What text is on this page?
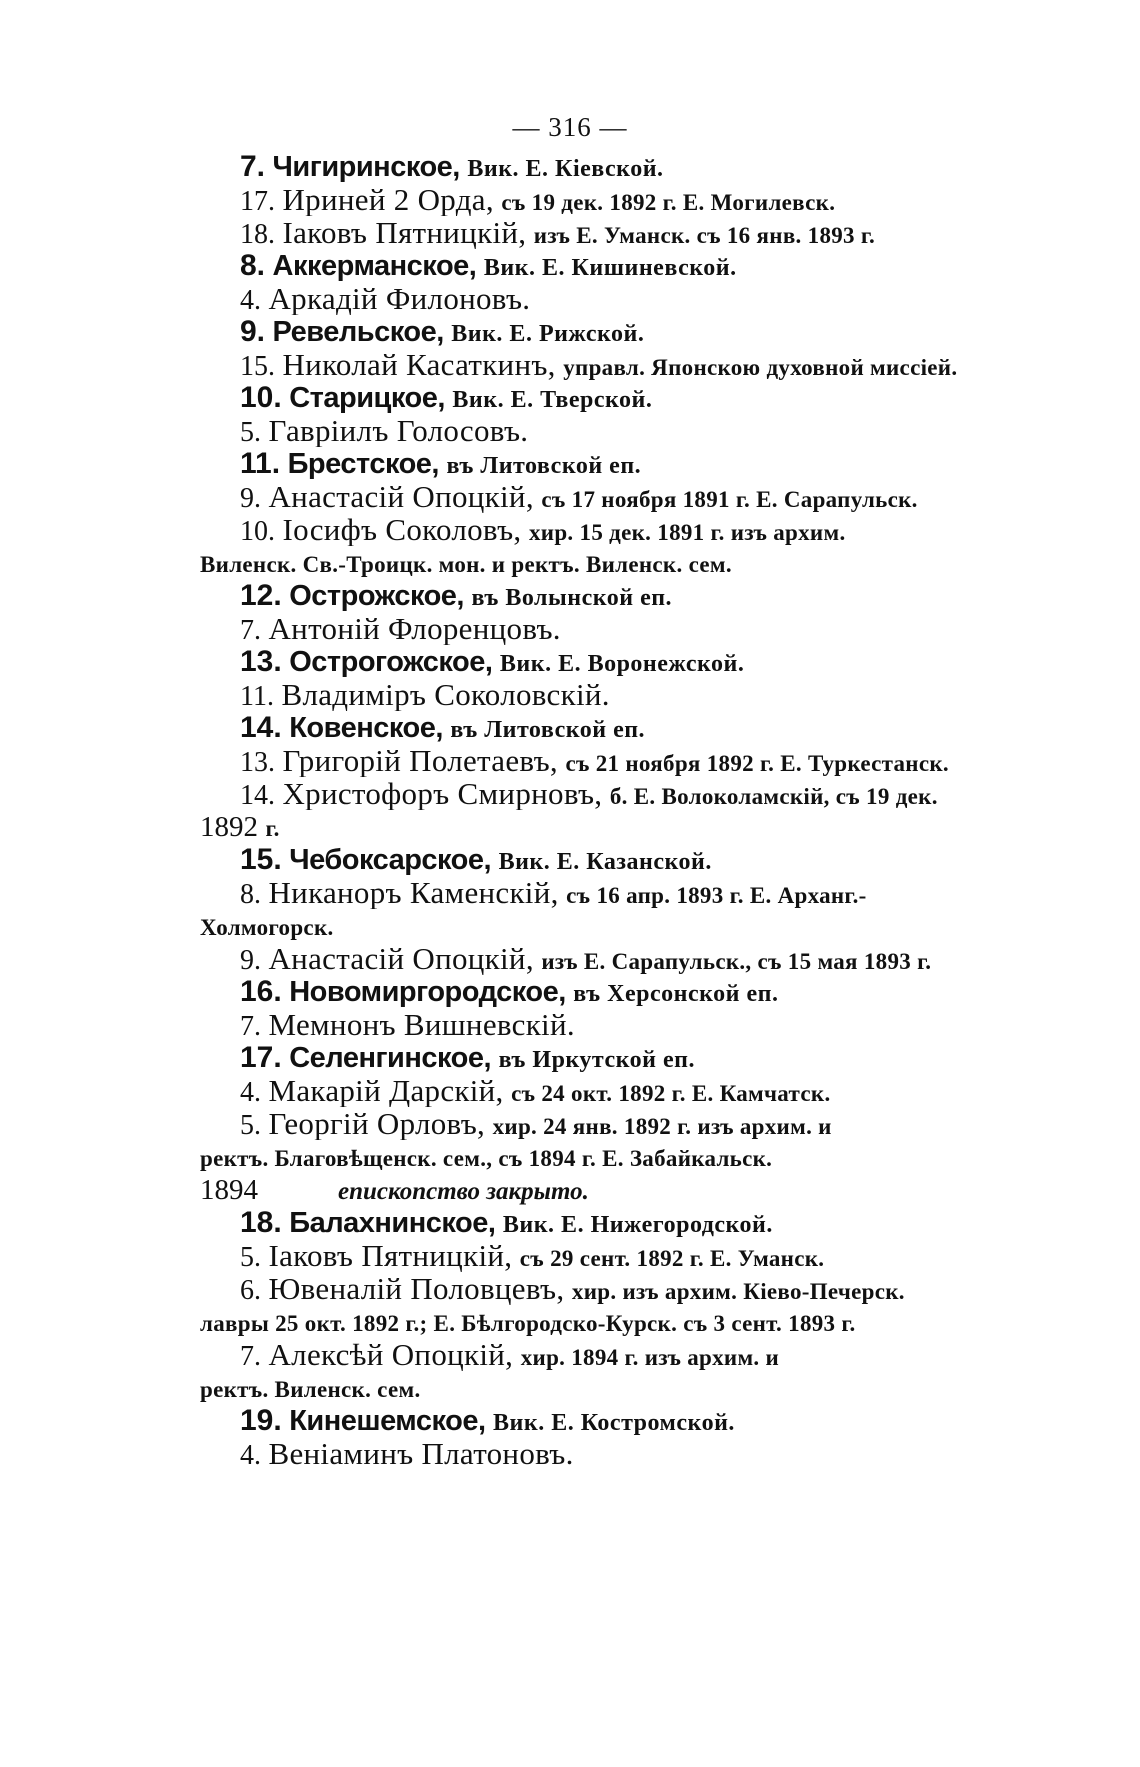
— 316 —
7. Чигиринское, Вик. Е. Кіевской.
17. Ириней 2 Орда, съ 19 дек. 1892 г. Е. Могилевск.
18. Іаковъ Пятницкій, изъ Е. Уманск. съ 16 янв. 1893 г.
8. Аккерманское, Вик. Е. Кишиневской.
4. Аркадій Филоновъ.
9. Ревельское, Вик. Е. Рижской.
15. Николай Касаткинъ, управл. Японскою духовной миссіей.
10. Старицкое, Вик. Е. Тверской.
5. Гавріилъ Голосовъ.
11. Брестское, въ Литовской еп.
9. Анастасій Опоцкій, съ 17 ноября 1891 г. Е. Сарапульск.
10. Іосифъ Соколовъ, хир. 15 дек. 1891 г. изъ архим.
Виленск. Св.-Троицк. мон. и ректъ. Виленск. сем.
12. Острожское, въ Волынской еп.
7. Антоній Флоренцовъ.
13. Острогожское, Вик. Е. Воронежской.
11. Владиміръ Соколовскій.
14. Ковенское, въ Литовской еп.
13. Григорій Полетаевъ, съ 21 ноября 1892 г. Е. Туркестанск.
14. Христофоръ Смирновъ, б. Е. Волоколамскій, съ 19 дек.
1892 г.
15. Чебоксарское, Вик. Е. Казанской.
8. Никаноръ Каменскій, съ 16 апр. 1893 г. Е. Арханг.-
Холмогорск.
9. Анастасій Опоцкій, изъ Е. Сарапульск., съ 15 мая 1893 г.
16. Новомиргородское, въ Херсонской еп.
7. Мемнонъ Вишневскій.
17. Селенгинское, въ Иркутской еп.
4. Макарій Дарскій, съ 24 окт. 1892 г. Е. Камчатск.
5. Георгій Орловъ, хир. 24 янв. 1892 г. изъ архим. и
ректъ. Благовѣщенск. сем., съ 1894 г. Е. Забайкальск.
1894	епископство закрыто.
18. Балахнинское, Вик. Е. Нижегородской.
5. Іаковъ Пятницкій, съ 29 сент. 1892 г. Е. Уманск.
6. Ювеналій Половцевъ, хир. изъ архим. Кіево-Печерск.
лавры 25 окт. 1892 г.; Е. Бѣлгородско-Курск. съ 3 сент. 1893 г.
7. Алексѣй Опоцкій, хир. 1894 г. изъ архим. и
ректъ. Виленск. сем.
19. Кинешемское, Вик. Е. Костромской.
4. Веніаминъ Платоновъ.
